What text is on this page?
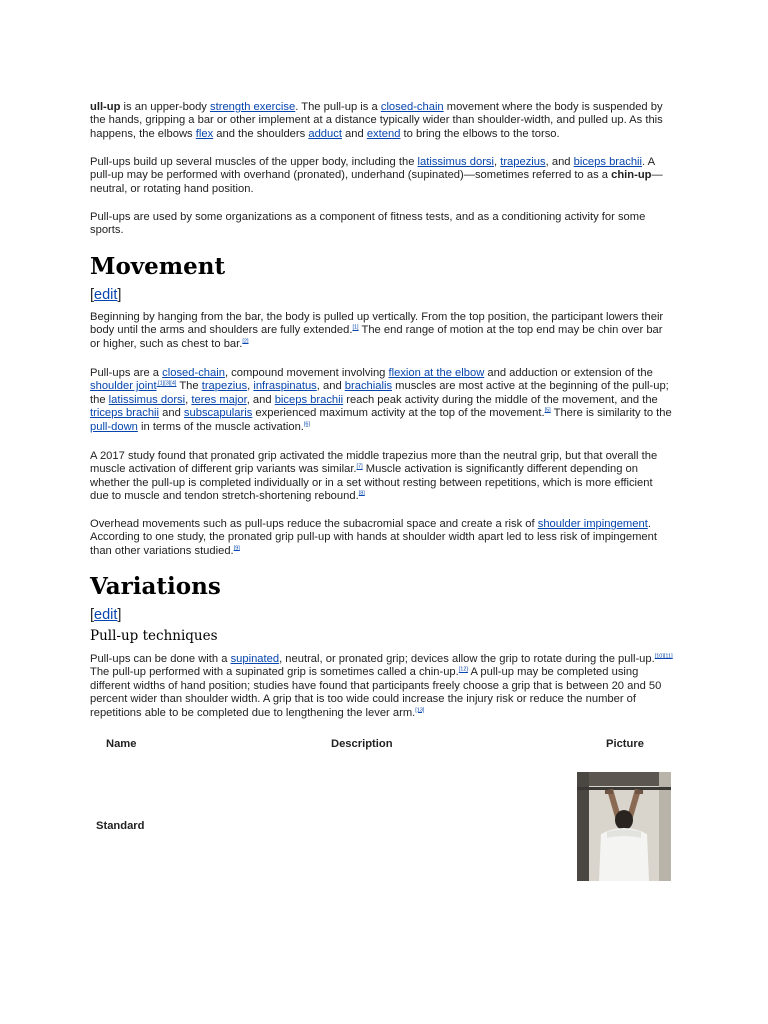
ull-up is an upper-body strength exercise. The pull-up is a closed-chain movement where the body is suspended by the hands, gripping a bar or other implement at a distance typically wider than shoulder-width, and pulled up. As this happens, the elbows flex and the shoulders adduct and extend to bring the elbows to the torso.

Pull-ups build up several muscles of the upper body, including the latissimus dorsi, trapezius, and biceps brachii. A pull-up may be performed with overhand (pronated), underhand (supinated)—sometimes referred to as a chin-up—neutral, or rotating hand position.

Pull-ups are used by some organizations as a component of fitness tests, and as a conditioning activity for some sports.

Movement
[edit]

Beginning by hanging from the bar, the body is pulled up vertically. From the top position, the participant lowers their body until the arms and shoulders are fully extended.[1] The end range of motion at the top end may be chin over bar or higher, such as chest to bar.[2]

Pull-ups are a closed-chain, compound movement involving flexion at the elbow and adduction or extension of the shoulder joint$^{.[1][3][4]}$ The trapezius, infraspinatus, and brachialis muscles are most active at the beginning of the pull-up; the latissimus dorsi, teres major, and biceps brachii reach peak activity during the middle of the movement, and the triceps brachii and subscapularis experienced maximum activity at the top of the movement.[5] There is similarity to the pull-down in terms of the muscle activation.[6]

A 2017 study found that pronated grip activated the middle trapezius more than the neutral grip, but that overall the muscle activation of different grip variants was similar.[7] Muscle activation is significantly different depending on whether the pull-up is completed individually or in a set without resting between repetitions, which is more efficient due to muscle and tendon stretch-shortening rebound.[8]

Overhead movements such as pull-ups reduce the subacromial space and create a risk of shoulder impingement. According to one study, the pronated grip pull-up with hands at shoulder width apart led to less risk of impingement than other variations studied.[9]

Variations
[edit]
Pull-up techniques

Pull-ups can be done with a supinated, neutral, or pronated grip; devices allow the grip to rotate during the pull-up.[10][11] The pull-up performed with a supinated grip is sometimes called a chin-up.[12] A pull-up may be completed using different widths of hand position; studies have found that participants freely choose a grip that is between 20 and 50 percent wider than shoulder width. A grip that is too wide could increase the injury risk or reduce the number of repetitions able to be completed due to lengthening the lever arm.[13]

Name	Description	Picture
Standard
